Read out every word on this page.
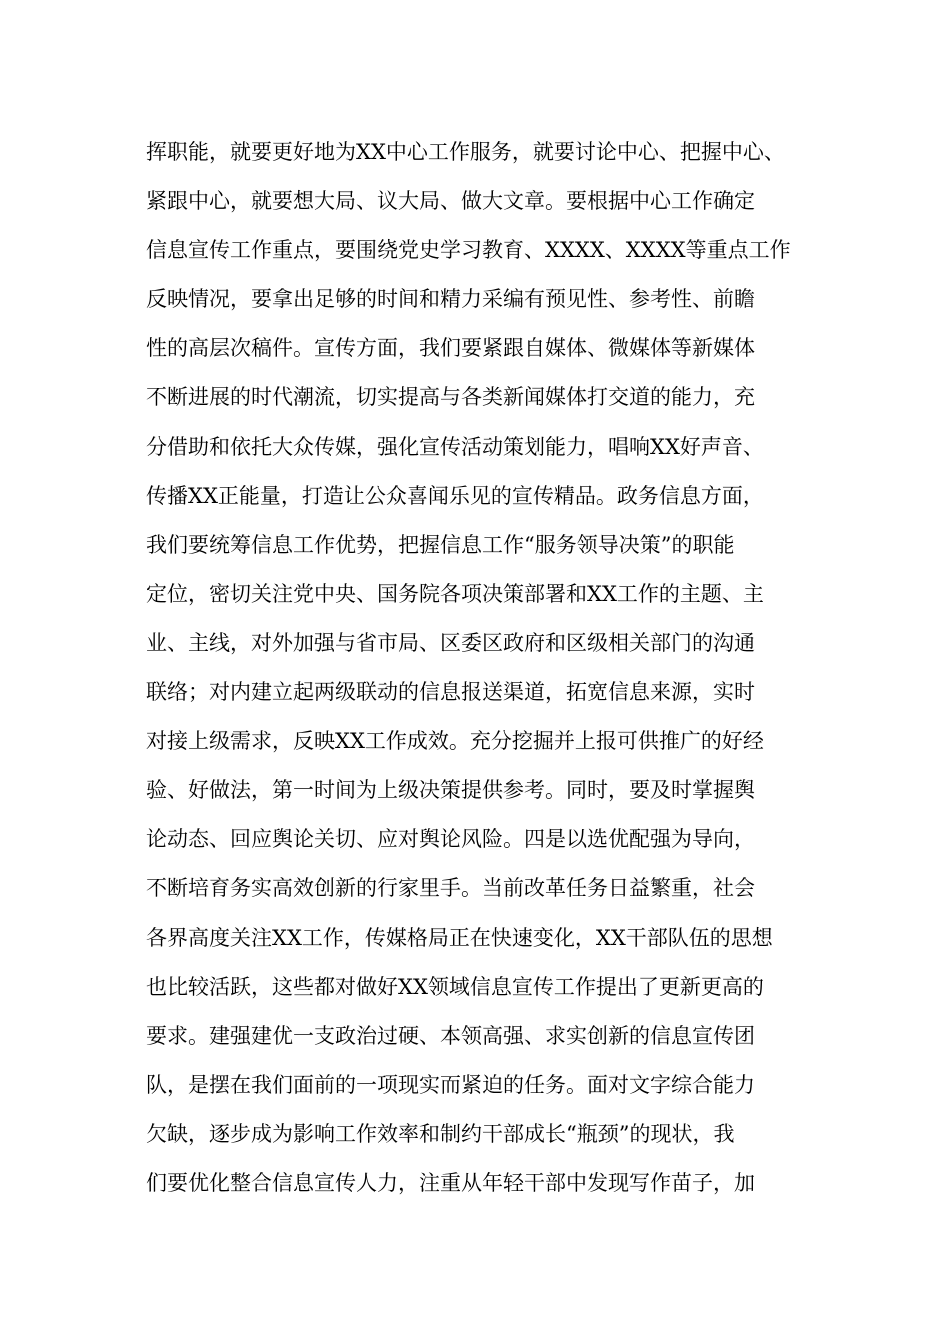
挥职能，就要更好地为XX中心工作服务，就要讨论中心、把握中心、
紧跟中心，就要想大局、议大局、做大文章。要根据中心工作确定
信息宣传工作重点，要围绕党史学习教育、XXXX、XXXX等重点工作
反映情况，要拿出足够的时间和精力采编有预见性、参考性、前瞻
性的高层次稿件。宣传方面，我们要紧跟自媒体、微媒体等新媒体
不断进展的时代潮流，切实提高与各类新闻媒体打交道的能力，充
分借助和依托大众传媒，强化宣传活动策划能力，唱响XX好声音、
传播XX正能量，打造让公众喜闻乐见的宣传精品。政务信息方面，
我们要统筹信息工作优势，把握信息工作“服务领导决策”的职能
定位，密切关注党中央、国务院各项决策部署和XX工作的主题、主
业、主线，对外加强与省市局、区委区政府和区级相关部门的沟通
联络；对内建立起两级联动的信息报送渠道，拓宽信息来源，实时
对接上级需求，反映XX工作成效。充分挖掘并上报可供推广的好经
验、好做法，第一时间为上级决策提供参考。同时，要及时掌握舆
论动态、回应舆论关切、应对舆论风险。四是以选优配强为导向，
不断培育务实高效创新的行家里手。当前改革任务日益繁重，社会
各界高度关注XX工作，传媒格局正在快速变化，XX干部队伍的思想
也比较活跃，这些都对做好XX领域信息宣传工作提出了更新更高的
要求。建强建优一支政治过硬、本领高强、求实创新的信息宣传团
队，是摆在我们面前的一项现实而紧迫的任务。面对文字综合能力
欠缺，逐步成为影响工作效率和制约干部成长“瓶颈”的现状，我
们要优化整合信息宣传人力，注重从年轻干部中发现写作苗子，加
